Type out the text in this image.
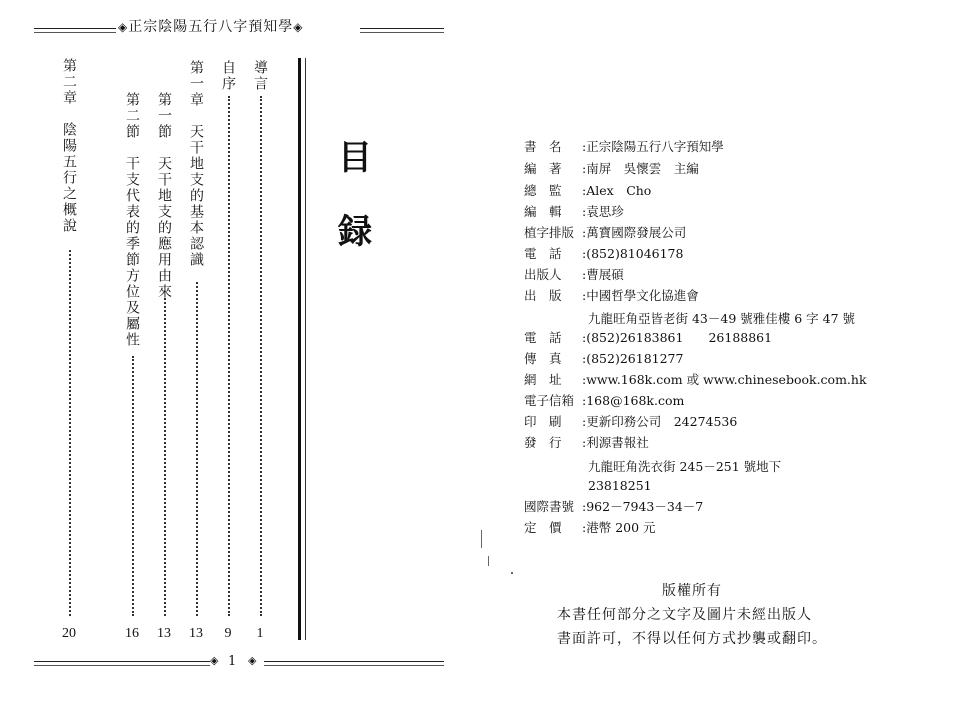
◈正宗陰陽五行八字預知學◈
目
録
導言
1
自序
9
第一章　天干地支的基本認識
13
第一節　天干地支的應用由來
13
第二節　干支代表的季節方位及屬性
16
第二章　陰陽五行之概說
20
◈ 1 ◈
書　名 :正宗陰陽五行八字預知學
編　著 :南屏　吳懷雲　主編
總　監 :Alex　Cho
編　輯 :袁思珍
植字排版 :萬寶國際發展公司
電　話 :(852)81046178
出版人 :曹展碩
出　版 :中國哲學文化協進會
九龍旺角亞皆老街 43－49 號雅佳樓 6 字 47 號
電　話 :(852)26183861　　26188861
傳　真 :(852)26181277
網　址 :www.168k.com 或 www.chinesebook.com.hk
電子信箱 :168@168k.com
印　刷 :更新印務公司　24274536
發　行 :利源書報社
九龍旺角洗衣街 245－251 號地下
23818251
國際書號 :962－7943－34－7
定　價 :港幣 200 元
版權所有
本書任何部分之文字及圖片未經出版人
書面許可，不得以任何方式抄襲或翻印。
